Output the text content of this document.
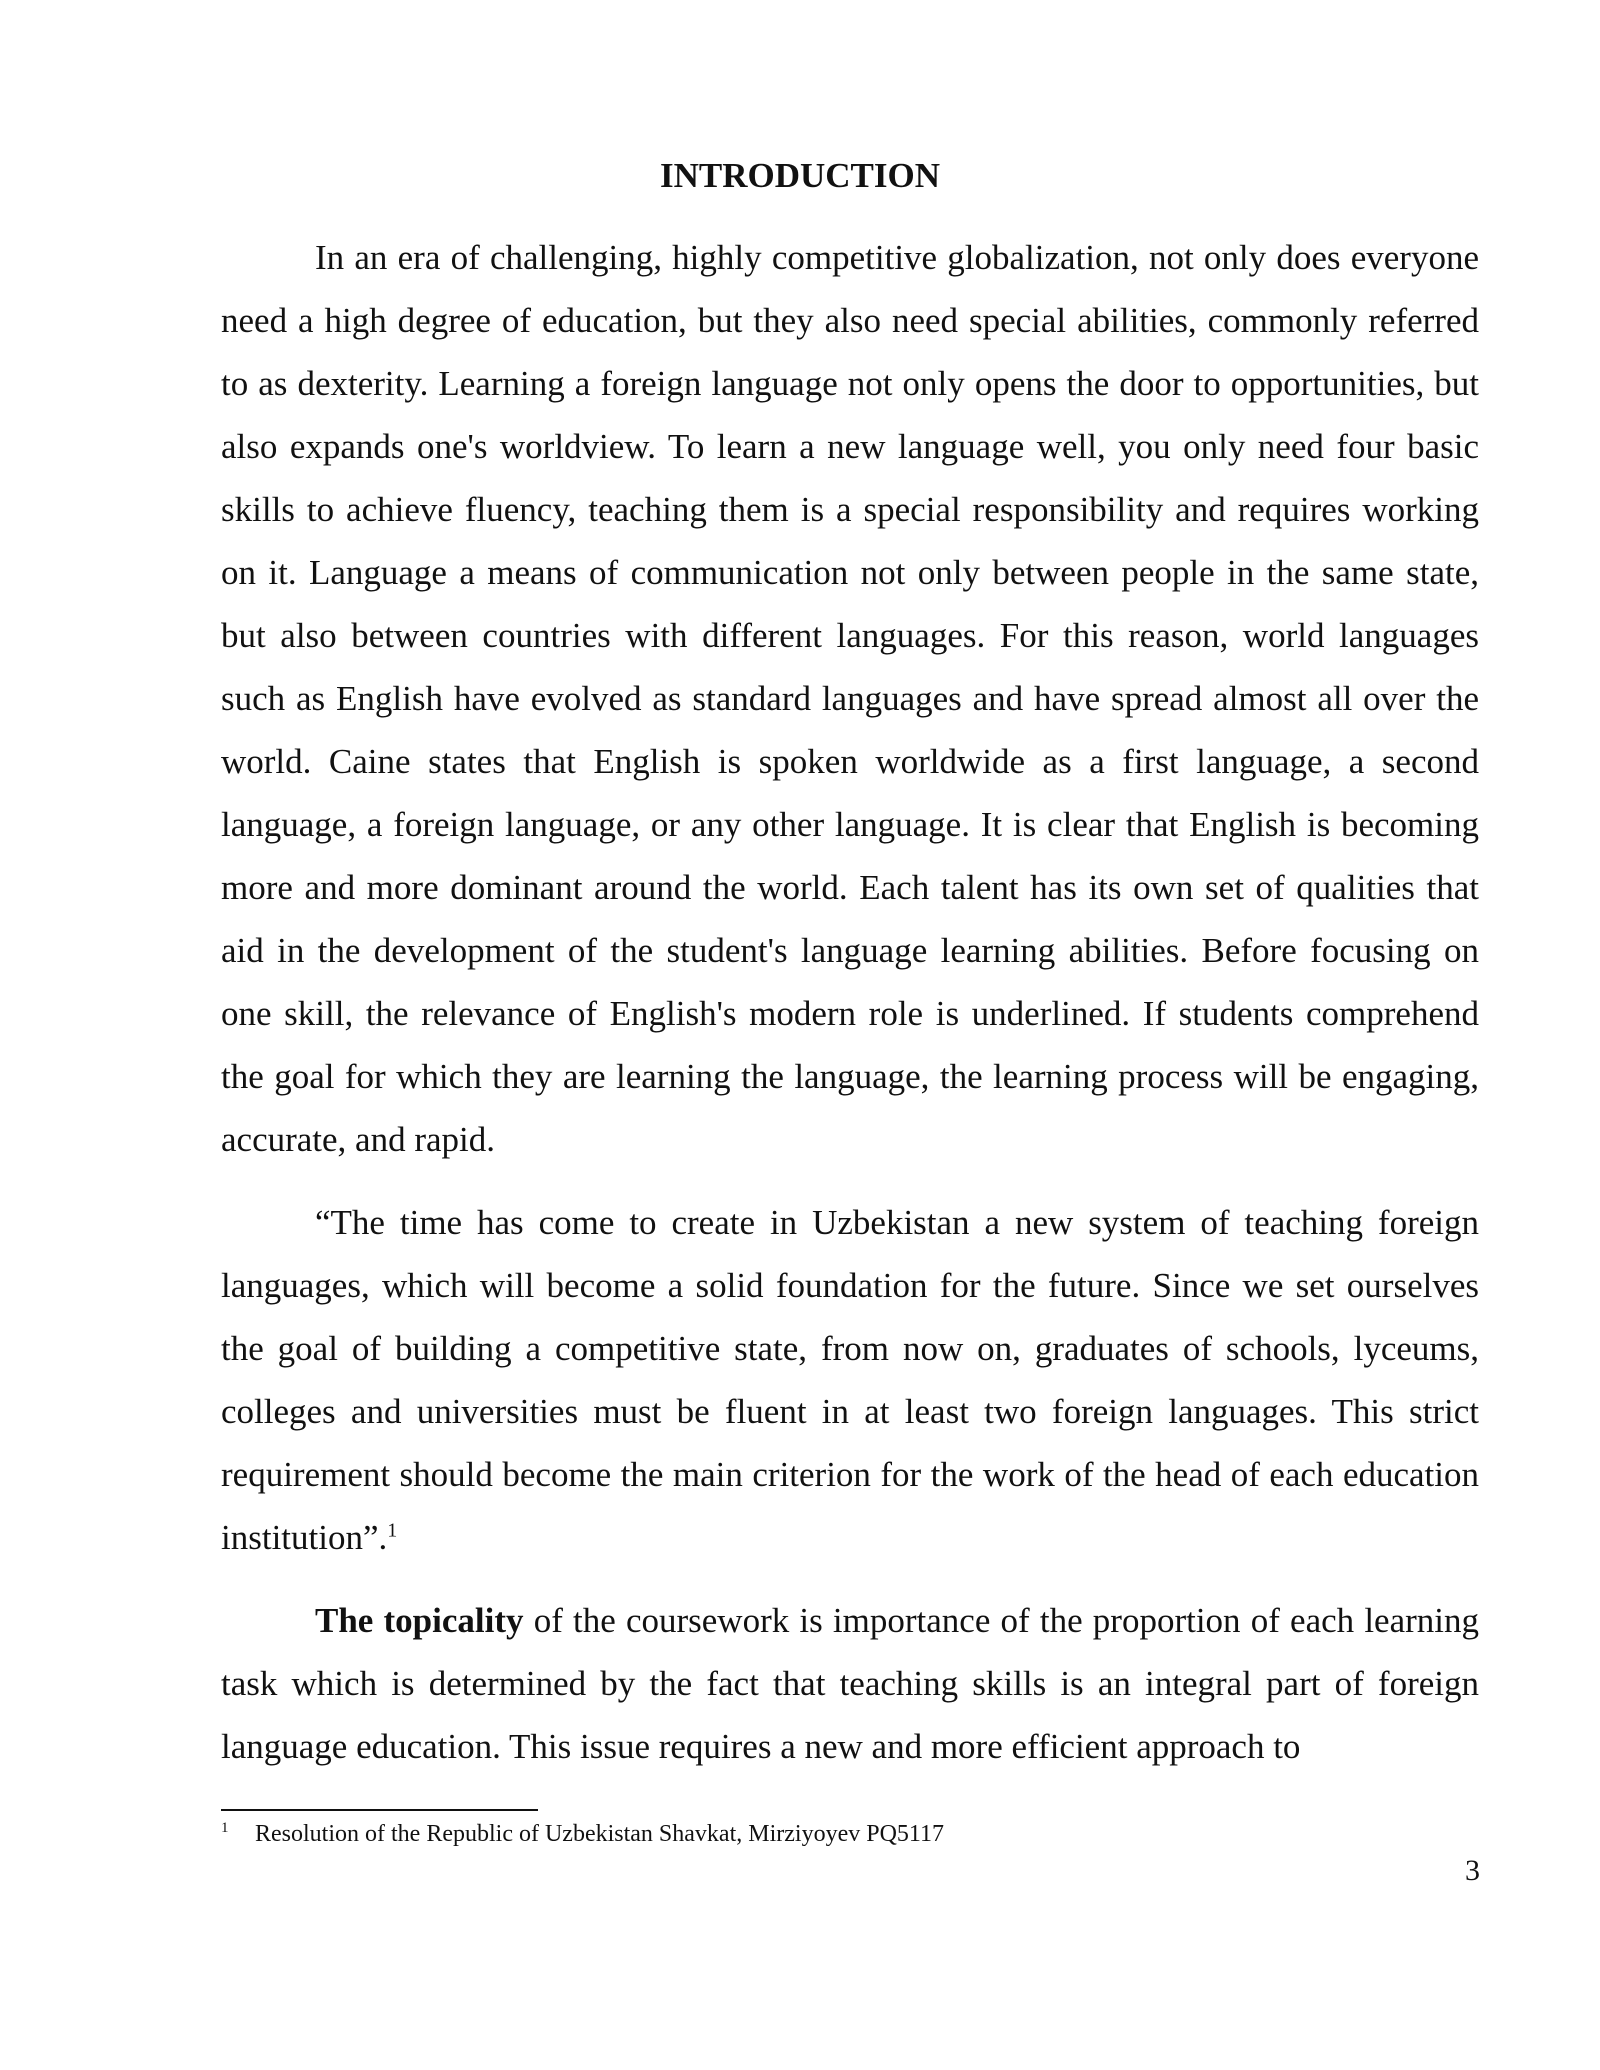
INTRODUCTION

In an era of challenging, highly competitive globalization, not only does everyone need a high degree of education, but they also need special abilities, commonly referred to as dexterity. Learning a foreign language not only opens the door to opportunities, but also expands one's worldview. To learn a new language well, you only need four basic skills to achieve fluency, teaching them is a special responsibility and requires working on it. Language a means of communication not only between people in the same state, but also between countries with different languages. For this reason, world languages such as English have evolved as standard languages and have spread almost all over the world. Caine states that English is spoken worldwide as a first language, a second language, a foreign language, or any other language. It is clear that English is becoming more and more dominant around the world. Each talent has its own set of qualities that aid in the development of the student's language learning abilities. Before focusing on one skill, the relevance of English's modern role is underlined. If students comprehend the goal for which they are learning the language, the learning process will be engaging, accurate, and rapid.

“The time has come to create in Uzbekistan a new system of teaching foreign languages, which will become a solid foundation for the future. Since we set ourselves the goal of building a competitive state, from now on, graduates of schools, lyceums, colleges and universities must be fluent in at least two foreign languages. This strict requirement should become the main criterion for the work of the head of each education institution”.$^1$

The topicality of the coursework is importance of the proportion of each learning task which is determined by the fact that teaching skills is an integral part of foreign language education. This issue requires a new and more efficient approach to

1 Resolution of the Republic of Uzbekistan Shavkat, Mirziyoyev PQ5117

3
